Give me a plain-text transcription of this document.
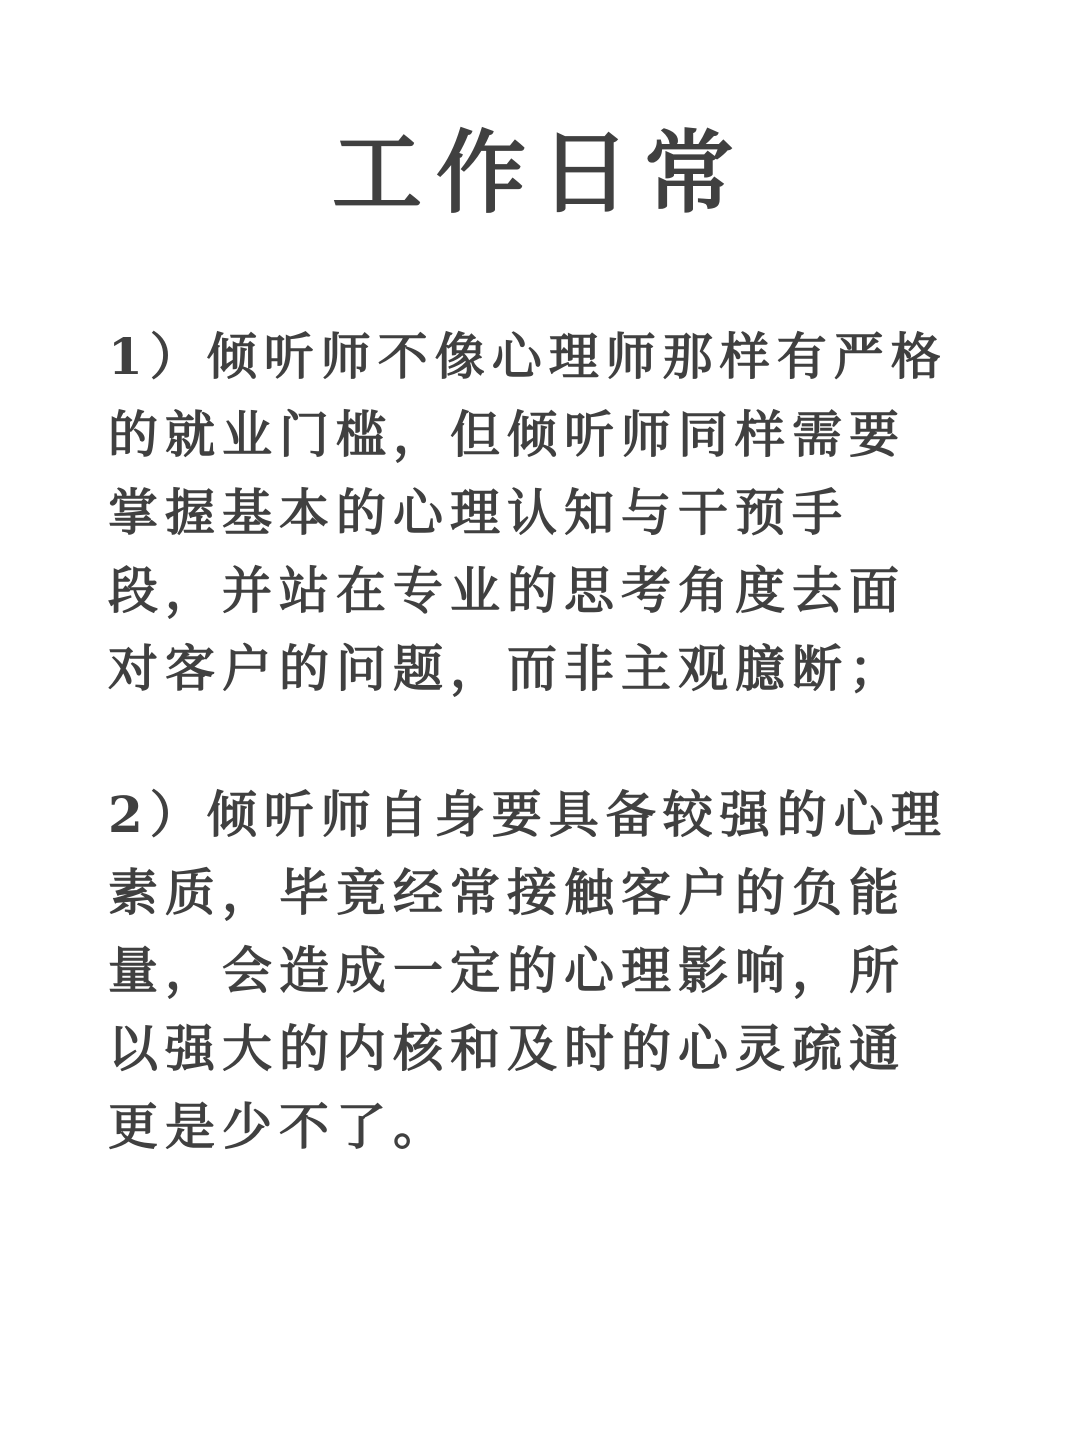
工作日常
1）倾听师不像心理师那样有严格
的就业门槛，但倾听师同样需要
掌握基本的心理认知与干预手
段，并站在专业的思考角度去面
对客户的问题，而非主观臆断；
2）倾听师自身要具备较强的心理
素质，毕竟经常接触客户的负能
量，会造成一定的心理影响，所
以强大的内核和及时的心灵疏通
更是少不了。
